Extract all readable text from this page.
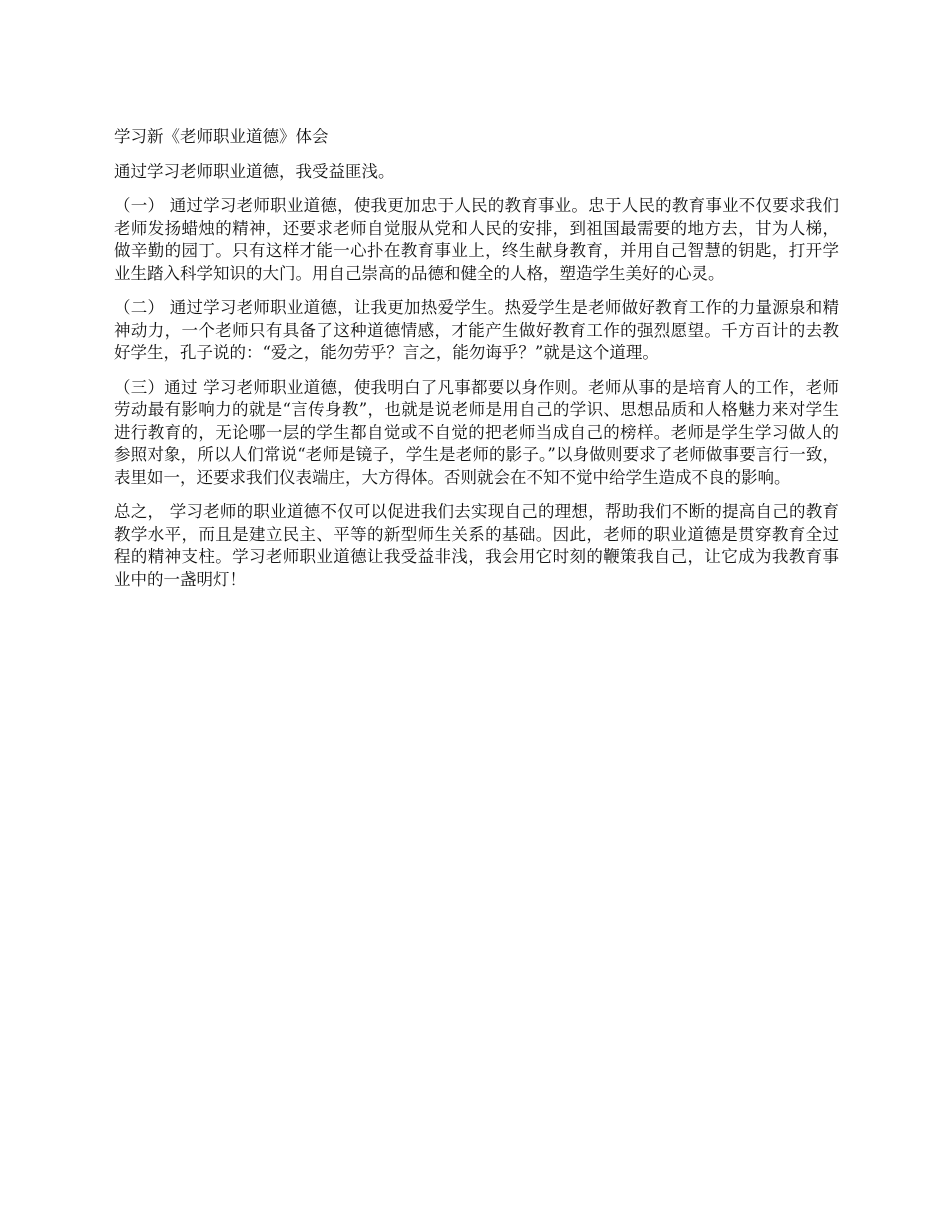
学习新《老师职业道德》体会

通过学习老师职业道德，我受益匪浅。

（一） 通过学习老师职业道德，使我更加忠于人民的教育事业。忠于人民的教育事业不仅要求我们老师发扬蜡烛的精神，还要求老师自觉服从党和人民的安排，到祖国最需要的地方去，甘为人梯，做辛勤的园丁。只有这样才能一心扑在教育事业上，终生献身教育，并用自己智慧的钥匙，打开学业生踏入科学知识的大门。用自己崇高的品德和健全的人格，塑造学生美好的心灵。

（二） 通过学习老师职业道德，让我更加热爱学生。热爱学生是老师做好教育工作的力量源泉和精神动力，一个老师只有具备了这种道德情感，才能产生做好教育工作的强烈愿望。千方百计的去教好学生，孔子说的：“爱之，能勿劳乎？言之，能勿诲乎？”就是这个道理。

（三）通过 学习老师职业道德，使我明白了凡事都要以身作则。老师从事的是培育人的工作，老师劳动最有影响力的就是“言传身教”，也就是说老师是用自己的学识、思想品质和人格魅力来对学生进行教育的，无论哪一层的学生都自觉或不自觉的把老师当成自己的榜样。老师是学生学习做人的参照对象，所以人们常说“老师是镜子，学生是老师的影子。”以身做则要求了老师做事要言行一致，表里如一，还要求我们仪表端庄，大方得体。否则就会在不知不觉中给学生造成不良的影响。

总之， 学习老师的职业道德不仅可以促进我们去实现自己的理想，帮助我们不断的提高自己的教育教学水平，而且是建立民主、平等的新型师生关系的基础。因此，老师的职业道德是贯穿教育全过程的精神支柱。学习老师职业道德让我受益非浅，我会用它时刻的鞭策我自己，让它成为我教育事业中的一盏明灯！
